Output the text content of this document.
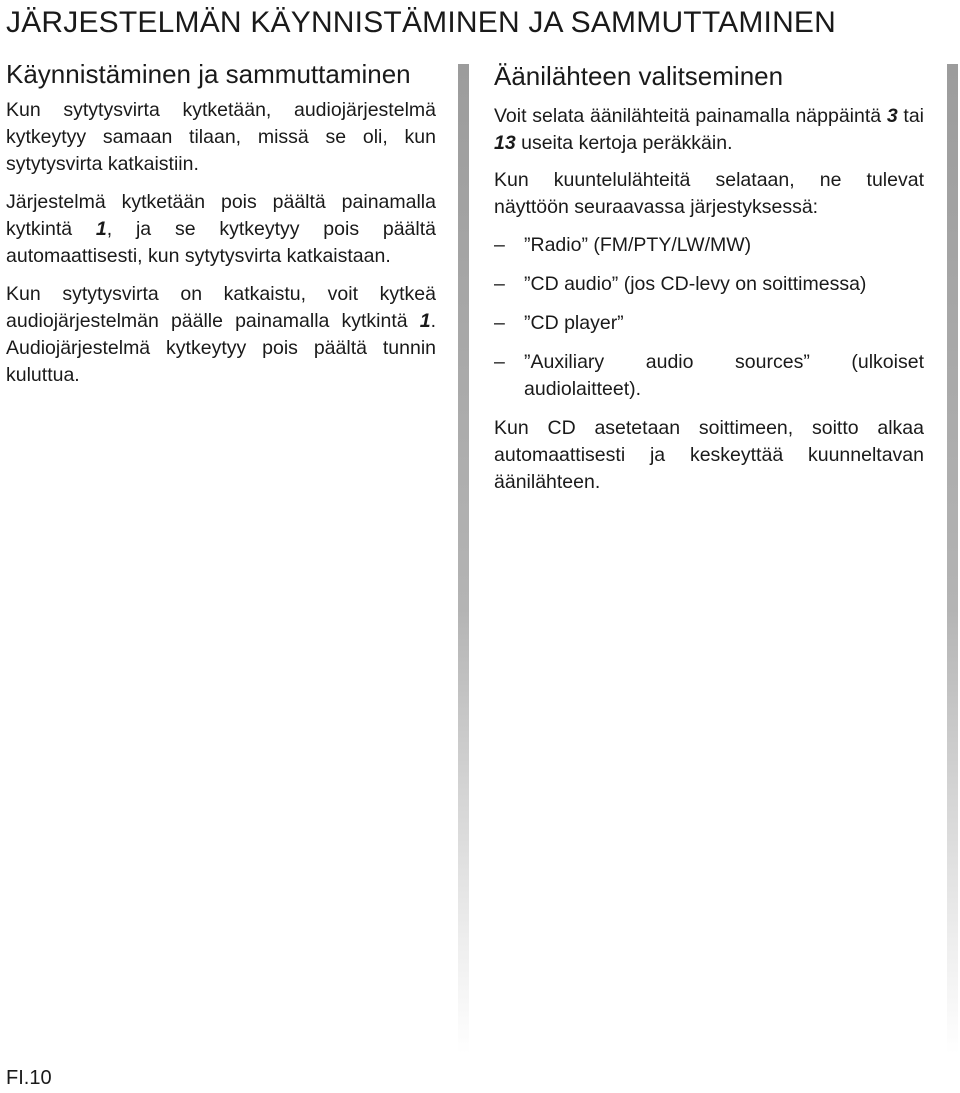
JÄRJESTELMÄN KÄYNNISTÄMINEN JA SAMMUTTAMINEN
Käynnistäminen ja sammuttaminen

Kun sytytysvirta kytketään, audiojärjestelmä kytkeytyy samaan tilaan, missä se oli, kun sytytysvirta katkaistiin.

Järjestelmä kytketään pois päältä painamalla kytkintä 1, ja se kytkeytyy pois päältä automaattisesti, kun sytytysvirta katkaistaan.

Kun sytytysvirta on katkaistu, voit kytkeä audiojärjestelmän päälle painamalla kytkintä 1. Audiojärjestelmä kytkeytyy pois päältä tunnin kuluttua.

Äänilähteen valitseminen

Voit selata äänilähteitä painamalla näppäintä 3 tai 13 useita kertoja peräkkäin.

Kun kuuntelulähteitä selataan, ne tulevat näyttöön seuraavassa järjestyksessä:

– ”Radio” (FM/PTY/LW/MW)
– ”CD audio” (jos CD-levy on soittimessa)
– ”CD player”
– ”Auxiliary audio sources” (ulkoiset audiolaitteet).

Kun CD asetetaan soittimeen, soitto alkaa automaattisesti ja keskeyttää kuunneltavan äänilähteen.

FI.10
